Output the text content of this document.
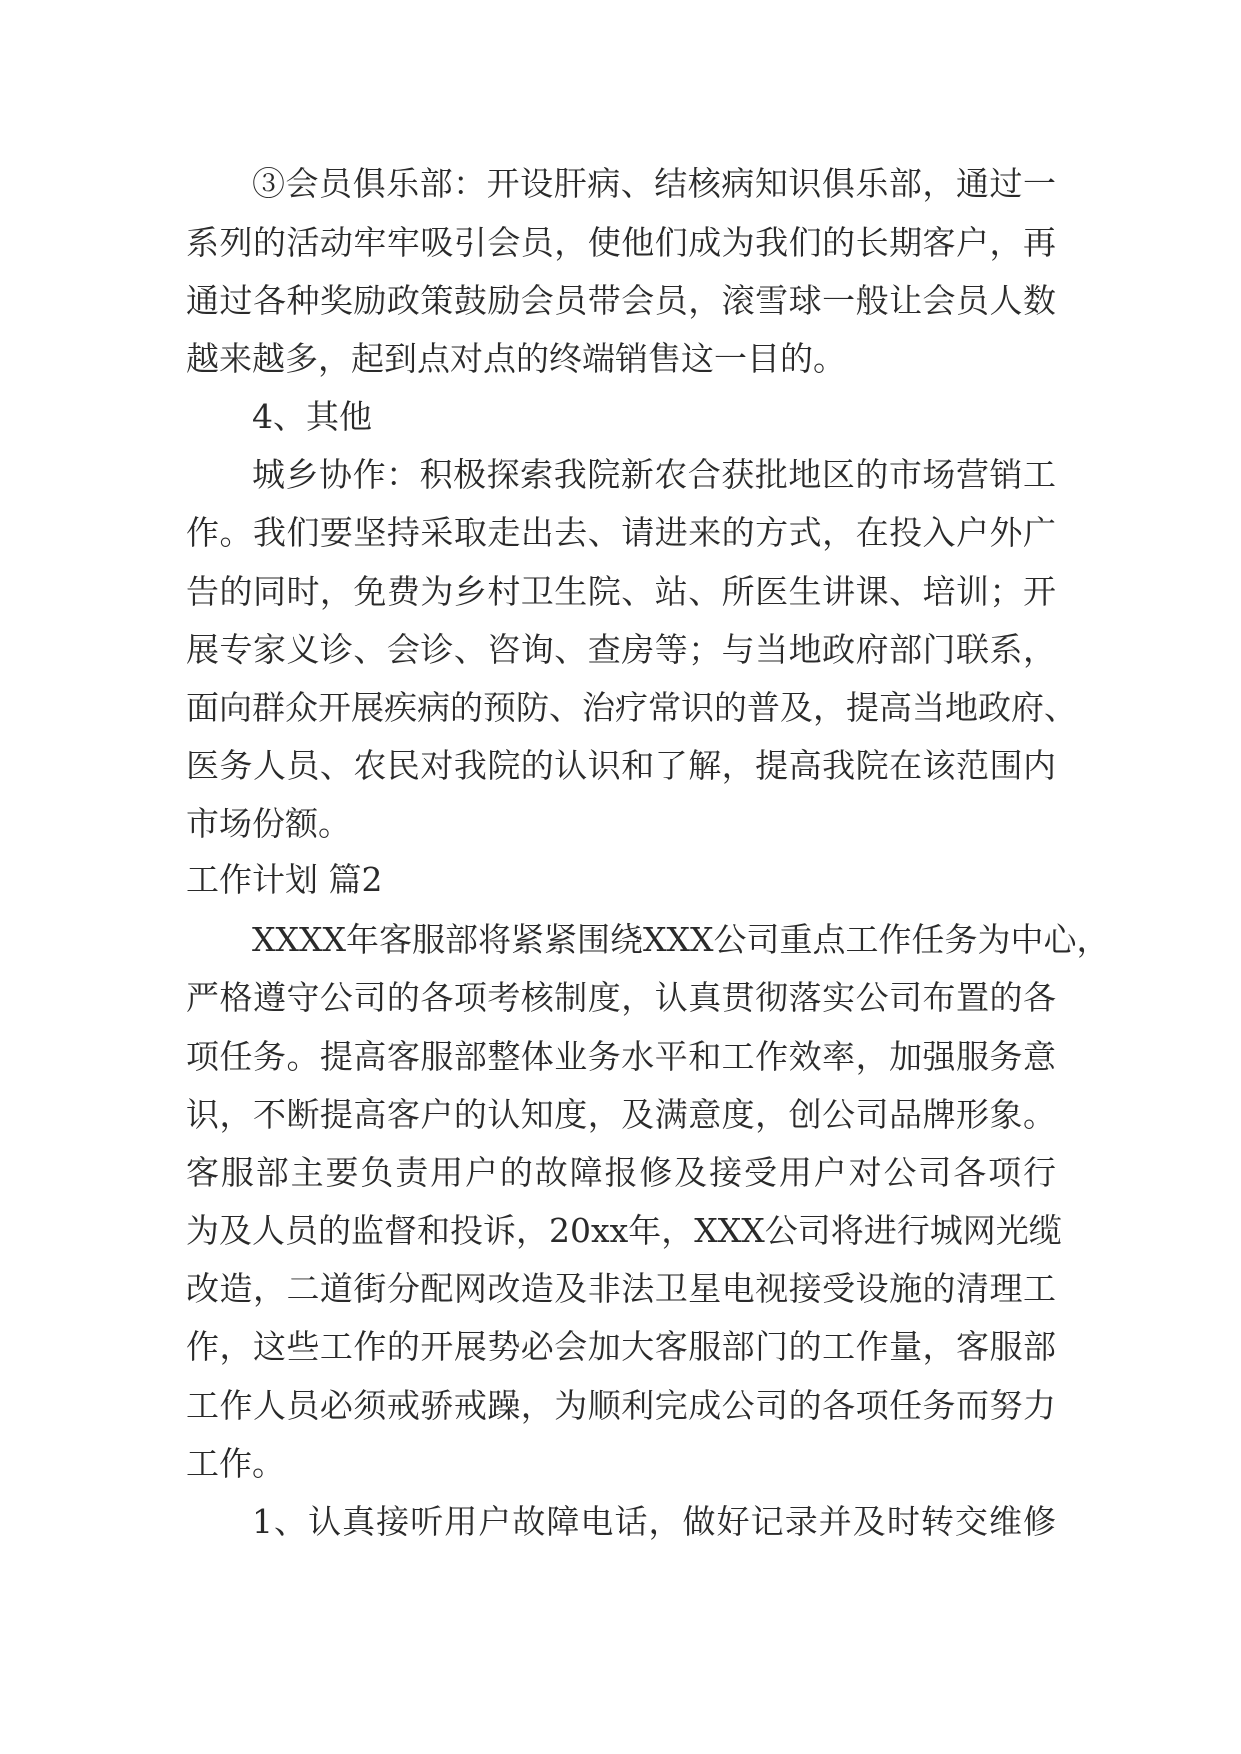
③会员俱乐部：开设肝病、结核病知识俱乐部，通过一
系列的活动牢牢吸引会员，使他们成为我们的长期客户，再
通过各种奖励政策鼓励会员带会员，滚雪球一般让会员人数
越来越多，起到点对点的终端销售这一目的。
4、其他
城乡协作：积极探索我院新农合获批地区的市场营销工
作。我们要坚持采取走出去、请进来的方式，在投入户外广
告的同时，免费为乡村卫生院、站、所医生讲课、培训；开
展专家义诊、会诊、咨询、查房等；与当地政府部门联系，
面向群众开展疾病的预防、治疗常识的普及，提高当地政府、
医务人员、农民对我院的认识和了解，提高我院在该范围内
市场份额。
工作计划 篇2
XXXX年客服部将紧紧围绕XXX公司重点工作任务为中心，
严格遵守公司的各项考核制度，认真贯彻落实公司布置的各
项任务。提高客服部整体业务水平和工作效率，加强服务意
识，不断提高客户的认知度，及满意度，创公司品牌形象。
客服部主要负责用户的故障报修及接受用户对公司各项行
为及人员的监督和投诉，20xx年，XXX公司将进行城网光缆
改造，二道街分配网改造及非法卫星电视接受设施的清理工
作，这些工作的开展势必会加大客服部门的工作量，客服部
工作人员必须戒骄戒躁，为顺利完成公司的各项任务而努力
工作。
1、认真接听用户故障电话，做好记录并及时转交维修
